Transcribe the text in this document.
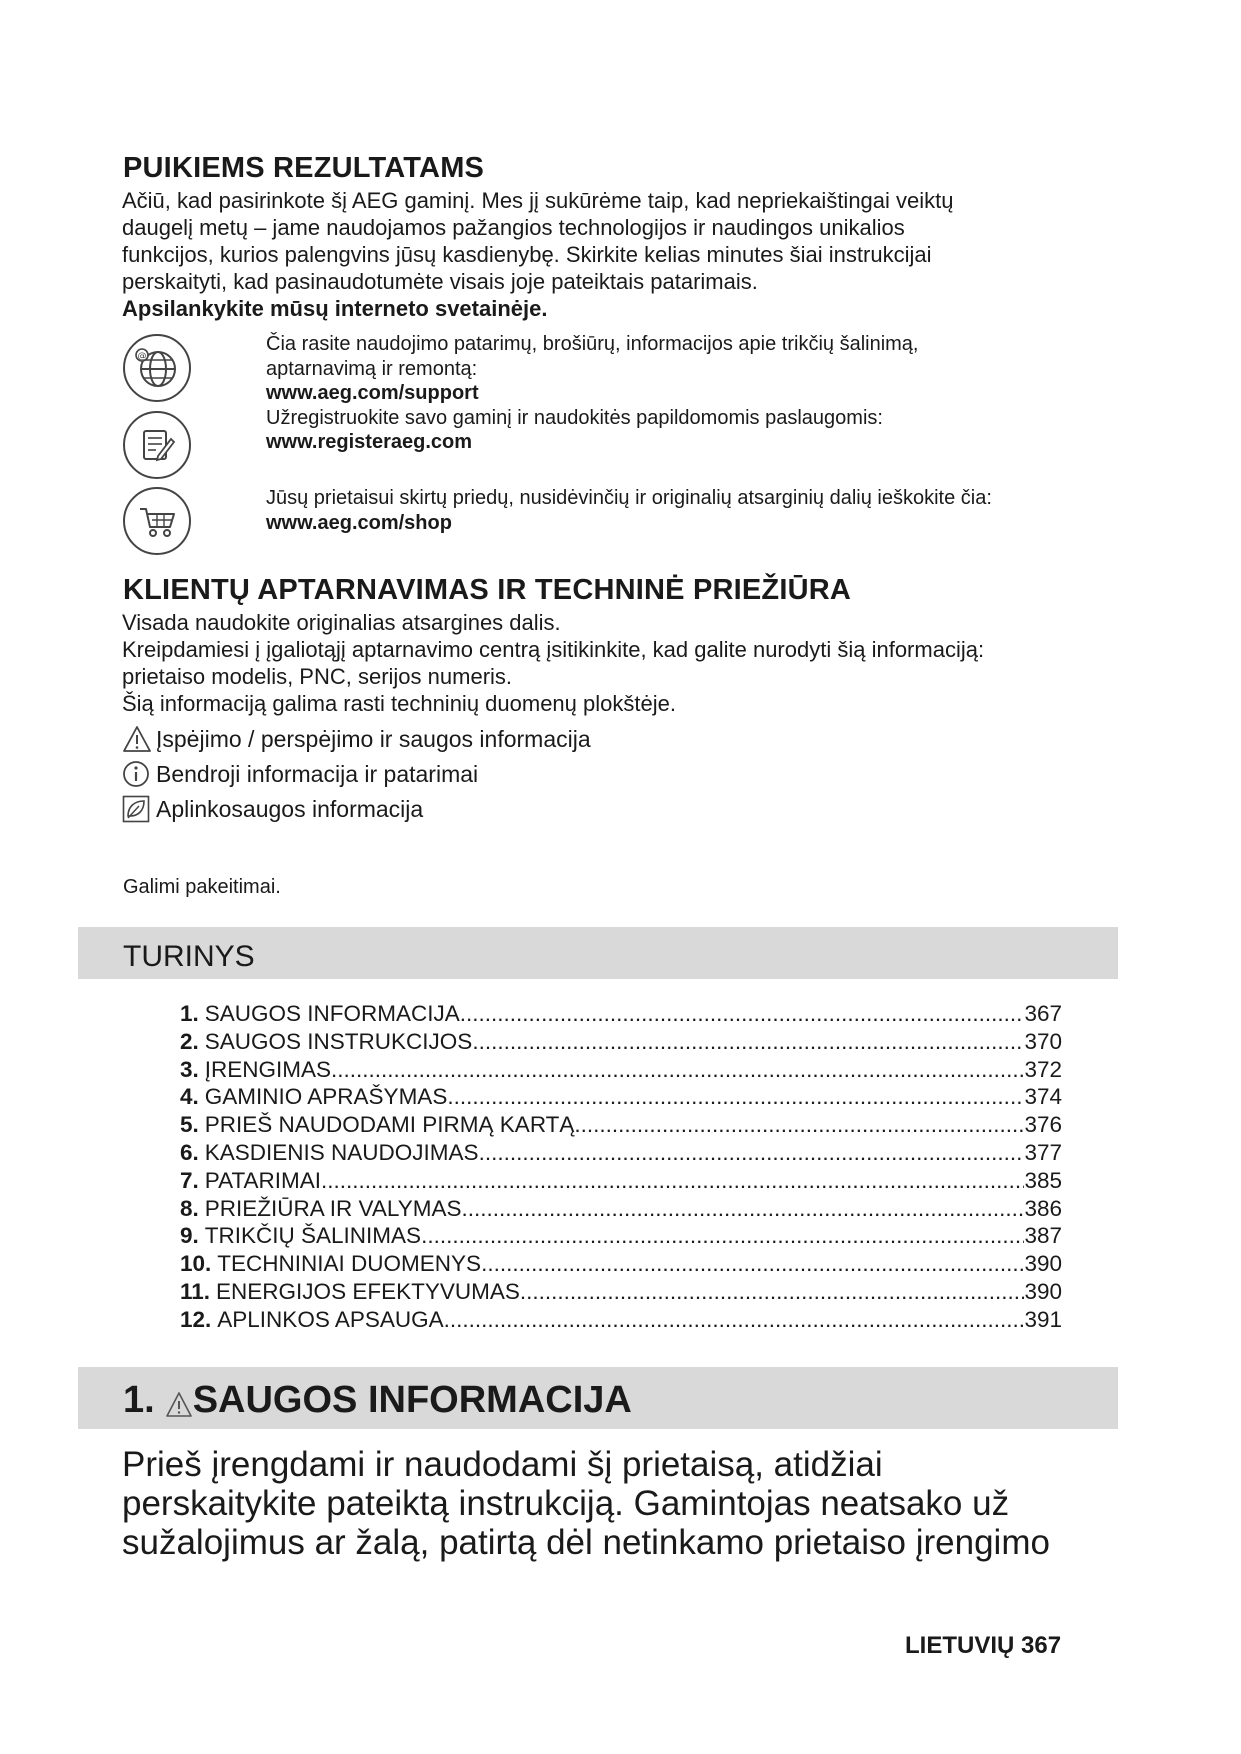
PUIKIEMS REZULTATAMS
Ačiū, kad pasirinkote šį AEG gaminį. Mes jį sukūrėme taip, kad nepriekaištingai veiktų
daugelį metų – jame naudojamos pažangios technologijos ir naudingos unikalios
funkcijos, kurios palengvins jūsų kasdienybę. Skirkite kelias minutes šiai instrukcijai
perskaityti, kad pasinaudotumėte visais joje pateiktais patarimais.
Apsilankykite mūsų interneto svetainėje.
@
Čia rasite naudojimo patarimų, brošiūrų, informacijos apie trikčių šalinimą,
aptarnavimą ir remontą:
www.aeg.com/support
Užregistruokite savo gaminį ir naudokitės papildomomis paslaugomis:
www.registeraeg.com
Jūsų prietaisui skirtų priedų, nusidėvinčių ir originalių atsarginių dalių ieškokite čia:
www.aeg.com/shop
KLIENTŲ APTARNAVIMAS IR TECHNINĖ PRIEŽIŪRA
Visada naudokite originalias atsargines dalis.
Kreipdamiesi į įgaliotąjį aptarnavimo centrą įsitikinkite, kad galite nurodyti šią informaciją:
prietaiso modelis, PNC, serijos numeris.
Šią informaciją galima rasti techninių duomenų plokštėje.
Įspėjimo / perspėjimo ir saugos informacija
Bendroji informacija ir patarimai
Aplinkosaugos informacija
Galimi pakeitimai.
TURINYS
1. SAUGOS INFORMACIJA .....	367
2. SAUGOS INSTRUKCIJOS .....	370
3. ĮRENGIMAS .....	372
4. GAMINIO APRAŠYMAS .....	374
5. PRIEŠ NAUDODAMI PIRMĄ KARTĄ .....	376
6. KASDIENIS NAUDOJIMAS .....	377
7. PATARIMAI .....	385
8. PRIEŽIŪRA IR VALYMAS .....	386
9. TRIKČIŲ ŠALINIMAS .....	387
10. TECHNINIAI DUOMENYS .....	390
11. ENERGIJOS EFEKTYVUMAS .....	390
12. APLINKOS APSAUGA .....	391
1. SAUGOS INFORMACIJA
Prieš įrengdami ir naudodami šį prietaisą, atidžiai
perskaitykite pateiktą instrukciją. Gamintojas neatsako už
sužalojimus ar žalą, patirtą dėl netinkamo prietaiso įrengimo
LIETUVIŲ 367
